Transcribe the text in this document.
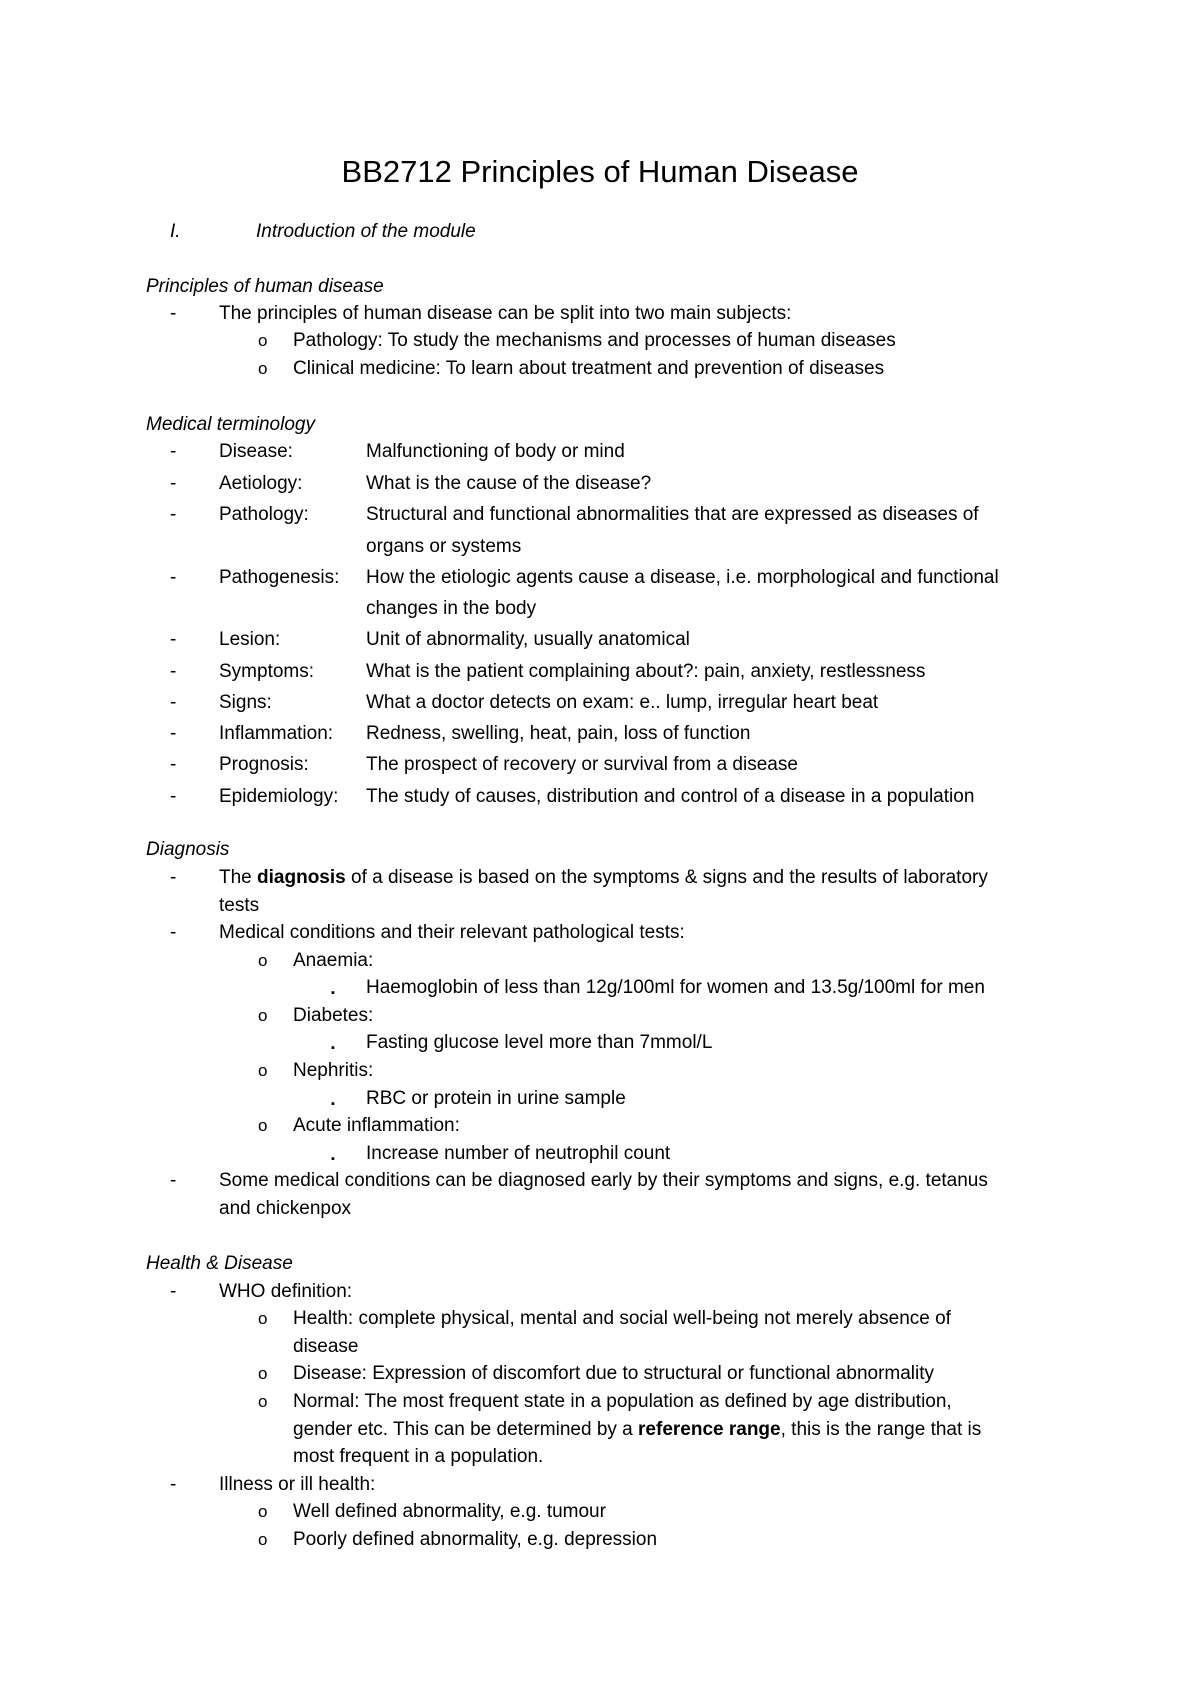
BB2712 Principles of Human Disease
I.	Introduction of the module
Principles of human disease
- The principles of human disease can be split into two main subjects:
o Pathology: To study the mechanisms and processes of human diseases
o Clinical medicine: To learn about treatment and prevention of diseases
Medical terminology
- Disease:	Malfunctioning of body or mind
- Aetiology:	What is the cause of the disease?
- Pathology:	Structural and functional abnormalities that are expressed as diseases of
organs or systems
- Pathogenesis: How the etiologic agents cause a disease, i.e. morphological and functional
changes in the body
- Lesion:	Unit of abnormality, usually anatomical
- Symptoms:	What is the patient complaining about?: pain, anxiety, restlessness
- Signs:	What a doctor detects on exam: e.. lump, irregular heart beat
- Inflammation: Redness, swelling, heat, pain, loss of function
- Prognosis:	The prospect of recovery or survival from a disease
- Epidemiology: The study of causes, distribution and control of a disease in a population
Diagnosis
- The diagnosis of a disease is based on the symptoms & signs and the results of laboratory
tests
- Medical conditions and their relevant pathological tests:
o Anaemia:
▪ Haemoglobin of less than 12g/100ml for women and 13.5g/100ml for men
o Diabetes:
▪ Fasting glucose level more than 7mmol/L
o Nephritis:
▪ RBC or protein in urine sample
o Acute inflammation:
▪ Increase number of neutrophil count
- Some medical conditions can be diagnosed early by their symptoms and signs, e.g. tetanus
and chickenpox
Health & Disease
- WHO definition:
o Health: complete physical, mental and social well-being not merely absence of
disease
o Disease: Expression of discomfort due to structural or functional abnormality
o Normal: The most frequent state in a population as defined by age distribution,
gender etc. This can be determined by a reference range, this is the range that is
most frequent in a population.
- Illness or ill health:
o Well defined abnormality, e.g. tumour
o Poorly defined abnormality, e.g. depression
